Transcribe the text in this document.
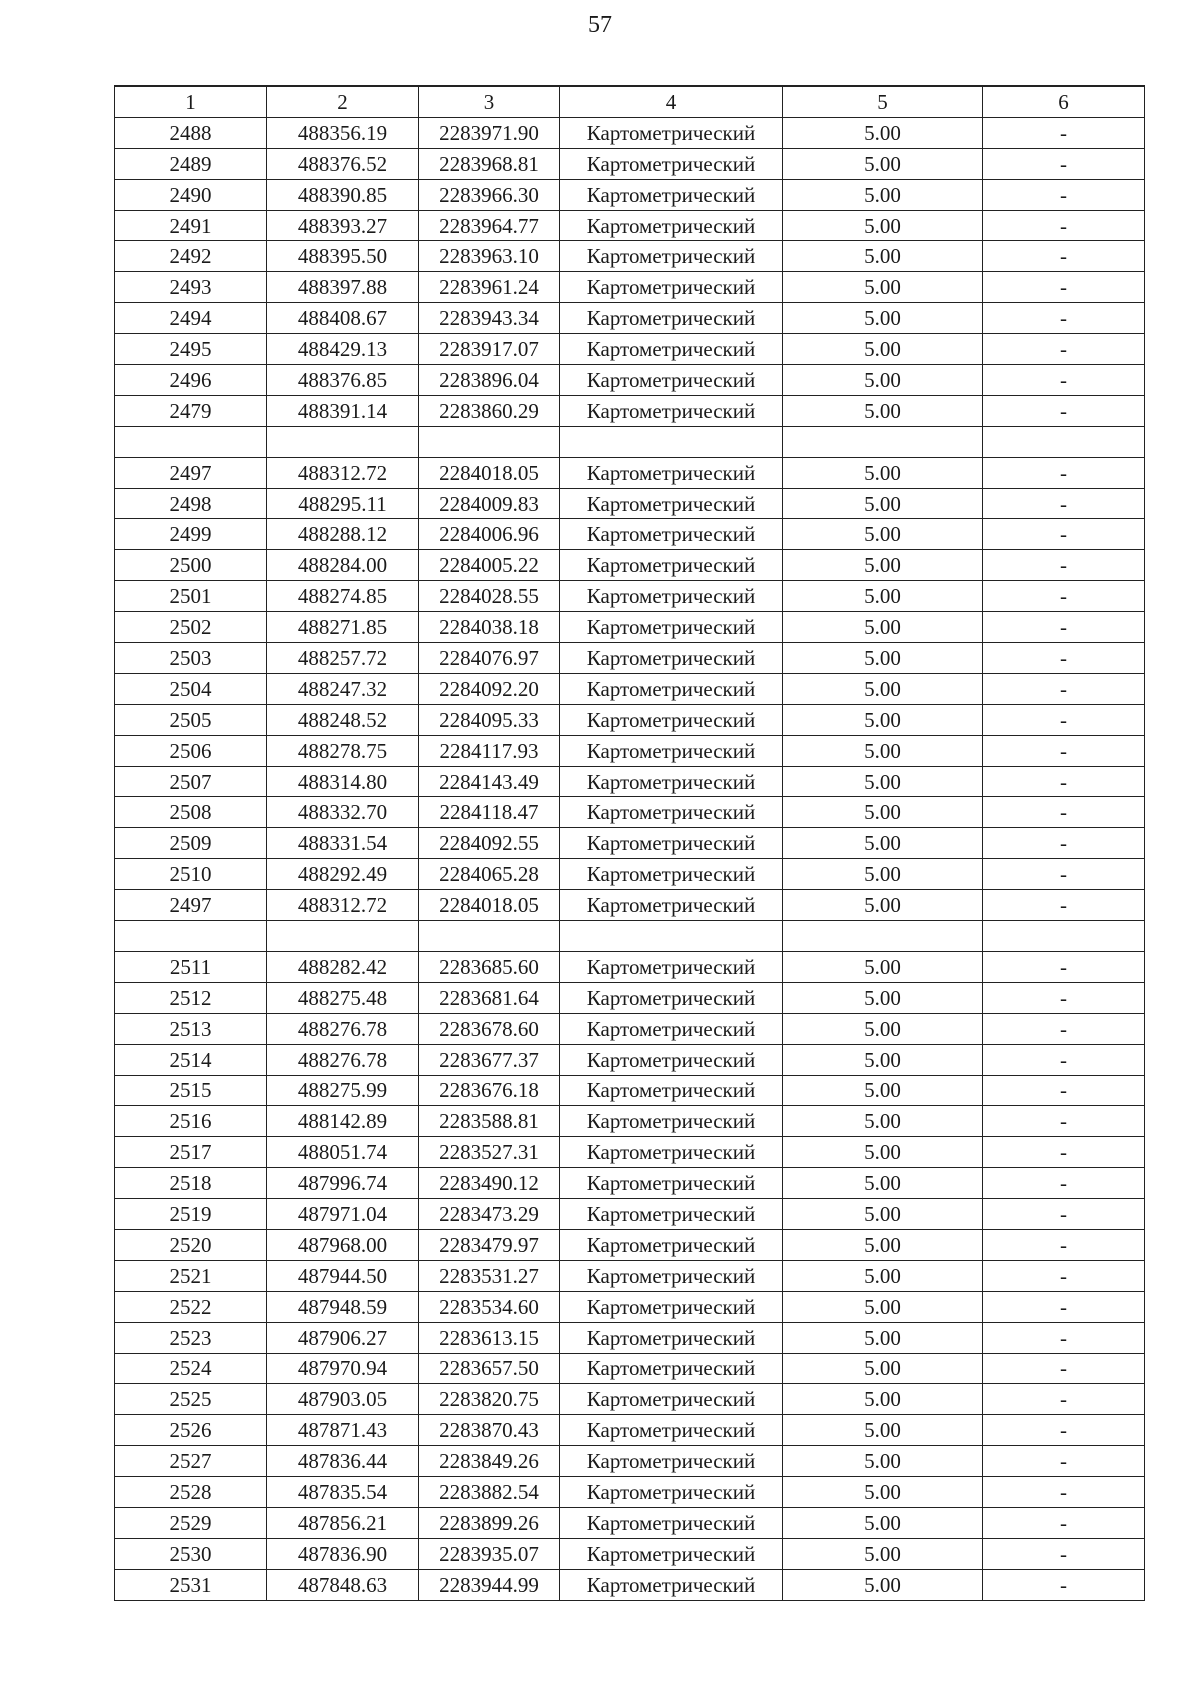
57
1	2	3	4	5	6
2488	488356.19	2283971.90	Картометрический	5.00	-
2489	488376.52	2283968.81	Картометрический	5.00	-
2490	488390.85	2283966.30	Картометрический	5.00	-
2491	488393.27	2283964.77	Картометрический	5.00	-
2492	488395.50	2283963.10	Картометрический	5.00	-
2493	488397.88	2283961.24	Картометрический	5.00	-
2494	488408.67	2283943.34	Картометрический	5.00	-
2495	488429.13	2283917.07	Картометрический	5.00	-
2496	488376.85	2283896.04	Картометрический	5.00	-
2479	488391.14	2283860.29	Картометрический	5.00	-

2497	488312.72	2284018.05	Картометрический	5.00	-
2498	488295.11	2284009.83	Картометрический	5.00	-
2499	488288.12	2284006.96	Картометрический	5.00	-
2500	488284.00	2284005.22	Картометрический	5.00	-
2501	488274.85	2284028.55	Картометрический	5.00	-
2502	488271.85	2284038.18	Картометрический	5.00	-
2503	488257.72	2284076.97	Картометрический	5.00	-
2504	488247.32	2284092.20	Картометрический	5.00	-
2505	488248.52	2284095.33	Картометрический	5.00	-
2506	488278.75	2284117.93	Картометрический	5.00	-
2507	488314.80	2284143.49	Картометрический	5.00	-
2508	488332.70	2284118.47	Картометрический	5.00	-
2509	488331.54	2284092.55	Картометрический	5.00	-
2510	488292.49	2284065.28	Картометрический	5.00	-
2497	488312.72	2284018.05	Картометрический	5.00	-

2511	488282.42	2283685.60	Картометрический	5.00	-
2512	488275.48	2283681.64	Картометрический	5.00	-
2513	488276.78	2283678.60	Картометрический	5.00	-
2514	488276.78	2283677.37	Картометрический	5.00	-
2515	488275.99	2283676.18	Картометрический	5.00	-
2516	488142.89	2283588.81	Картометрический	5.00	-
2517	488051.74	2283527.31	Картометрический	5.00	-
2518	487996.74	2283490.12	Картометрический	5.00	-
2519	487971.04	2283473.29	Картометрический	5.00	-
2520	487968.00	2283479.97	Картометрический	5.00	-
2521	487944.50	2283531.27	Картометрический	5.00	-
2522	487948.59	2283534.60	Картометрический	5.00	-
2523	487906.27	2283613.15	Картометрический	5.00	-
2524	487970.94	2283657.50	Картометрический	5.00	-
2525	487903.05	2283820.75	Картометрический	5.00	-
2526	487871.43	2283870.43	Картометрический	5.00	-
2527	487836.44	2283849.26	Картометрический	5.00	-
2528	487835.54	2283882.54	Картометрический	5.00	-
2529	487856.21	2283899.26	Картометрический	5.00	-
2530	487836.90	2283935.07	Картометрический	5.00	-
2531	487848.63	2283944.99	Картометрический	5.00	-
